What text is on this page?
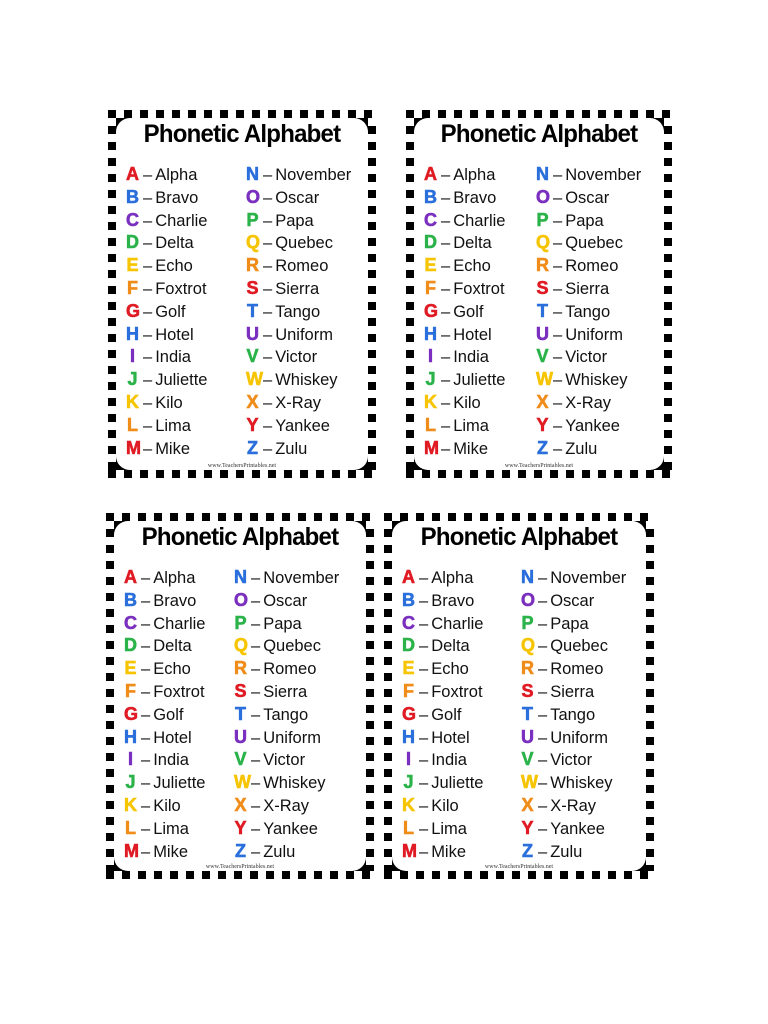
Phonetic Alphabet
A – Alpha
B – Bravo
C – Charlie
D – Delta
E – Echo
F – Foxtrot
G – Golf
H – Hotel
I – India
J – Juliette
K – Kilo
L – Lima
M – Mike
N – November
O – Oscar
P – Papa
Q – Quebec
R – Romeo
S – Sierra
T – Tango
U – Uniform
V – Victor
W– Whiskey
X – X-Ray
Y – Yankee
Z – Zulu
www.TeachersPrintables.net
Phonetic Alphabet
A – Alpha
B – Bravo
C – Charlie
D – Delta
E – Echo
F – Foxtrot
G – Golf
H – Hotel
I – India
J – Juliette
K – Kilo
L – Lima
M – Mike
N – November
O – Oscar
P – Papa
Q – Quebec
R – Romeo
S – Sierra
T – Tango
U – Uniform
V – Victor
W– Whiskey
X – X-Ray
Y – Yankee
Z – Zulu
www.TeachersPrintables.net
Phonetic Alphabet
A – Alpha
B – Bravo
C – Charlie
D – Delta
E – Echo
F – Foxtrot
G – Golf
H – Hotel
I – India
J – Juliette
K – Kilo
L – Lima
M – Mike
N – November
O – Oscar
P – Papa
Q – Quebec
R – Romeo
S – Sierra
T – Tango
U – Uniform
V – Victor
W– Whiskey
X – X-Ray
Y – Yankee
Z – Zulu
www.TeachersPrintables.net
Phonetic Alphabet
A – Alpha
B – Bravo
C – Charlie
D – Delta
E – Echo
F – Foxtrot
G – Golf
H – Hotel
I – India
J – Juliette
K – Kilo
L – Lima
M – Mike
N – November
O – Oscar
P – Papa
Q – Quebec
R – Romeo
S – Sierra
T – Tango
U – Uniform
V – Victor
W– Whiskey
X – X-Ray
Y – Yankee
Z – Zulu
www.TeachersPrintables.net
